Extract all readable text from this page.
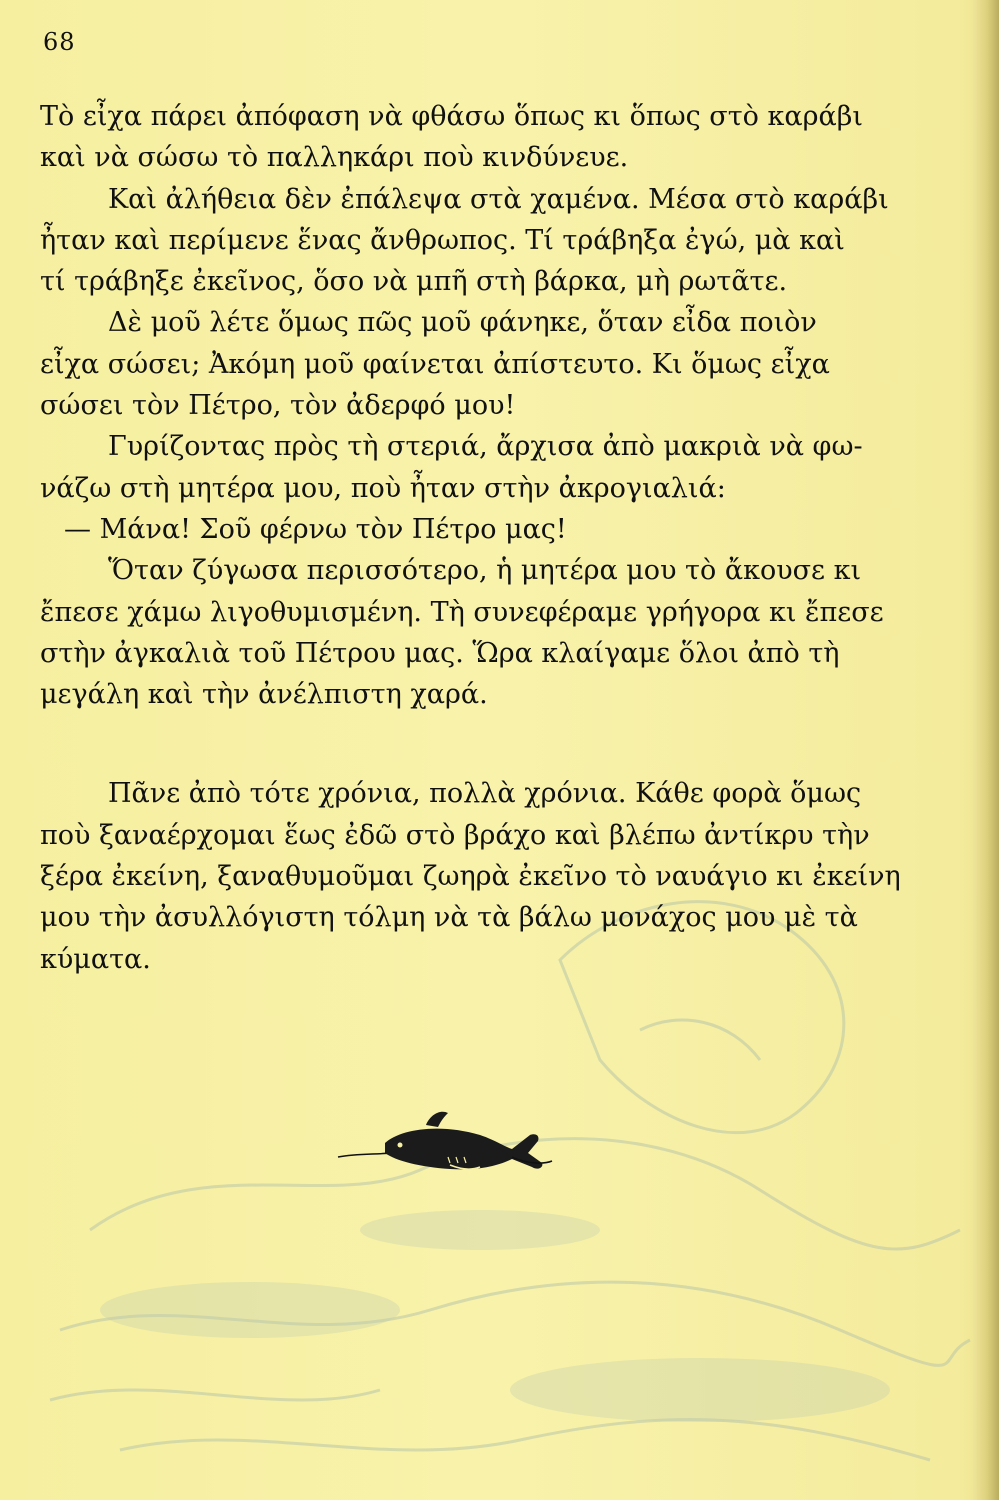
68
Τὸ εἶχα πάρει ἀπόφαση νὰ φθάσω ὅπως κι ὅπως στὸ καράβι
καὶ νὰ σώσω τὸ παλληκάρι ποὺ κινδύνευε.
Καὶ ἀλήθεια δὲν ἐπάλεψα στὰ χαμένα. Μέσα στὸ καράβι
ἦταν καὶ περίμενε ἕνας ἄνθρωπος. Τί τράβηξα ἐγώ, μὰ καὶ
τί τράβηξε ἐκεῖνος, ὅσο νὰ μπῆ στὴ βάρκα, μὴ ρωτᾶτε.
Δὲ μοῦ λέτε ὅμως πῶς μοῦ φάνηκε, ὅταν εἶδα ποιὸν
εἶχα σώσει; Ἀκόμη μοῦ φαίνεται ἀπίστευτο. Κι ὅμως εἶχα
σώσει τὸν Πέτρο, τὸν ἀδερφό μου!
Γυρίζοντας πρὸς τὴ στεριά, ἄρχισα ἀπὸ μακριὰ νὰ φω-
νάζω στὴ μητέρα μου, ποὺ ἦταν στὴν ἀκρογιαλιά:
— Μάνα! Σοῦ φέρνω τὸν Πέτρο μας!
Ὅταν ζύγωσα περισσότερο, ἡ μητέρα μου τὸ ἄκουσε κι
ἔπεσε χάμω λιγοθυμισμένη. Τὴ συνεφέραμε γρήγορα κι ἔπεσε
στὴν ἀγκαλιὰ τοῦ Πέτρου μας. Ὥρα κλαίγαμε ὅλοι ἀπὸ τὴ
μεγάλη καὶ τὴν ἀνέλπιστη χαρά.
Πᾶνε ἀπὸ τότε χρόνια, πολλὰ χρόνια. Κάθε φορὰ ὅμως
ποὺ ξαναέρχομαι ἕως ἐδῶ στὸ βράχο καὶ βλέπω ἀντίκρυ τὴν
ξέρα ἐκείνη, ξαναθυμοῦμαι ζωηρὰ ἐκεῖνο τὸ ναυάγιο κι ἐκείνη
μου τὴν ἀσυλλόγιστη τόλμη νὰ τὰ βάλω μονάχος μου μὲ τὰ
κύματα.
